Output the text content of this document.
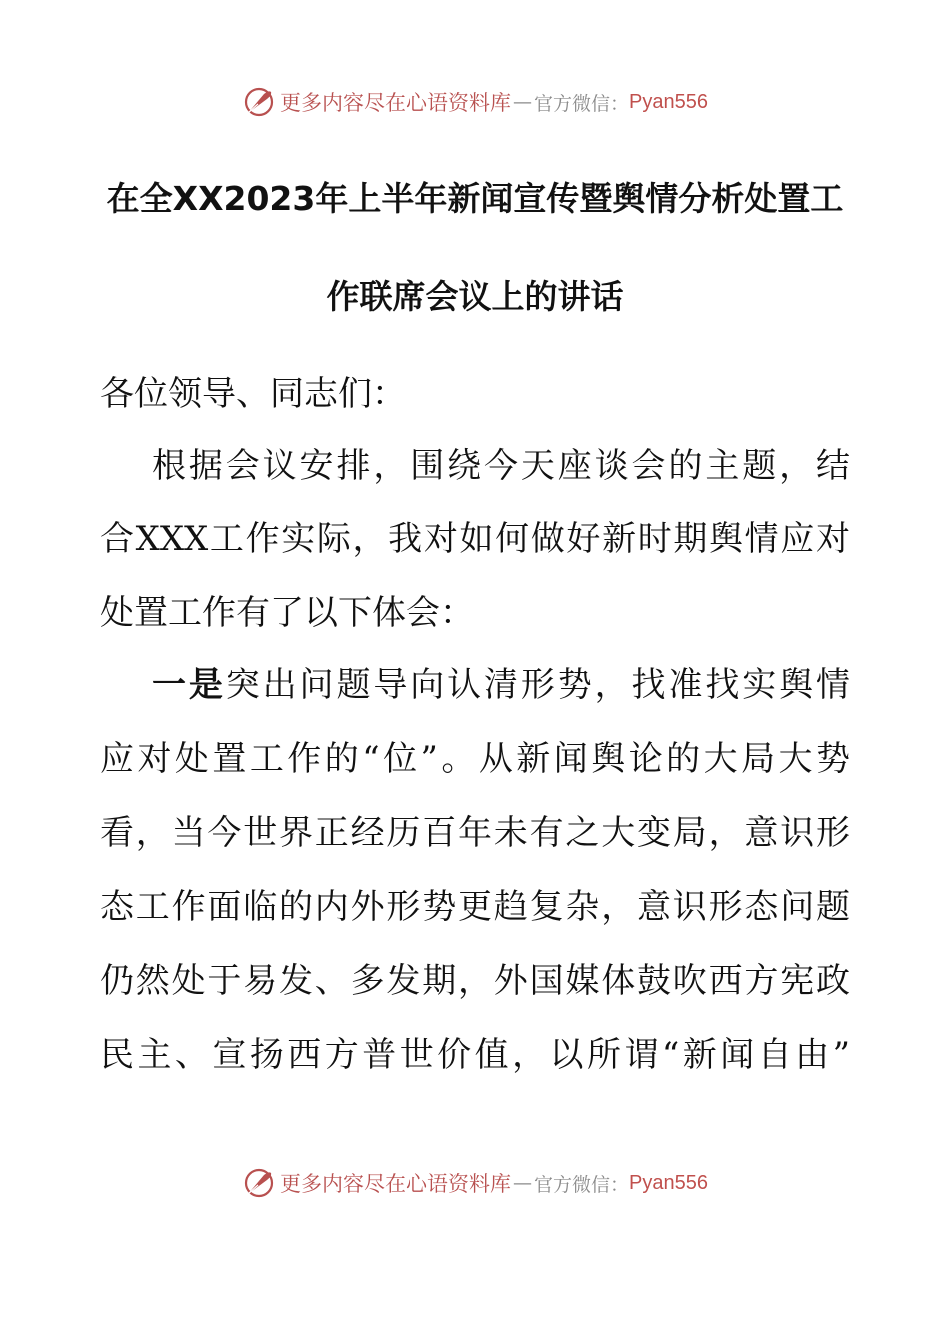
更多内容尽在心语资料库 — 官方微信： Pyan556
在全XX2023年上半年新闻宣传暨舆情分析处置工
作联席会议上的讲话
各位领导、同志们：
根据会议安排，围绕今天座谈会的主题，结
合XXX工作实际，我对如何做好新时期舆情应对
处置工作有了以下体会：
一是突出问题导向认清形势，找准找实舆情
应对处置工作的“位”。从新闻舆论的大局大势
看，当今世界正经历百年未有之大变局，意识形
态工作面临的内外形势更趋复杂，意识形态问题
仍然处于易发、多发期，外国媒体鼓吹西方宪政
民主、宣扬西方普世价值，以所谓“新闻自由”
更多内容尽在心语资料库 — 官方微信： Pyan556
